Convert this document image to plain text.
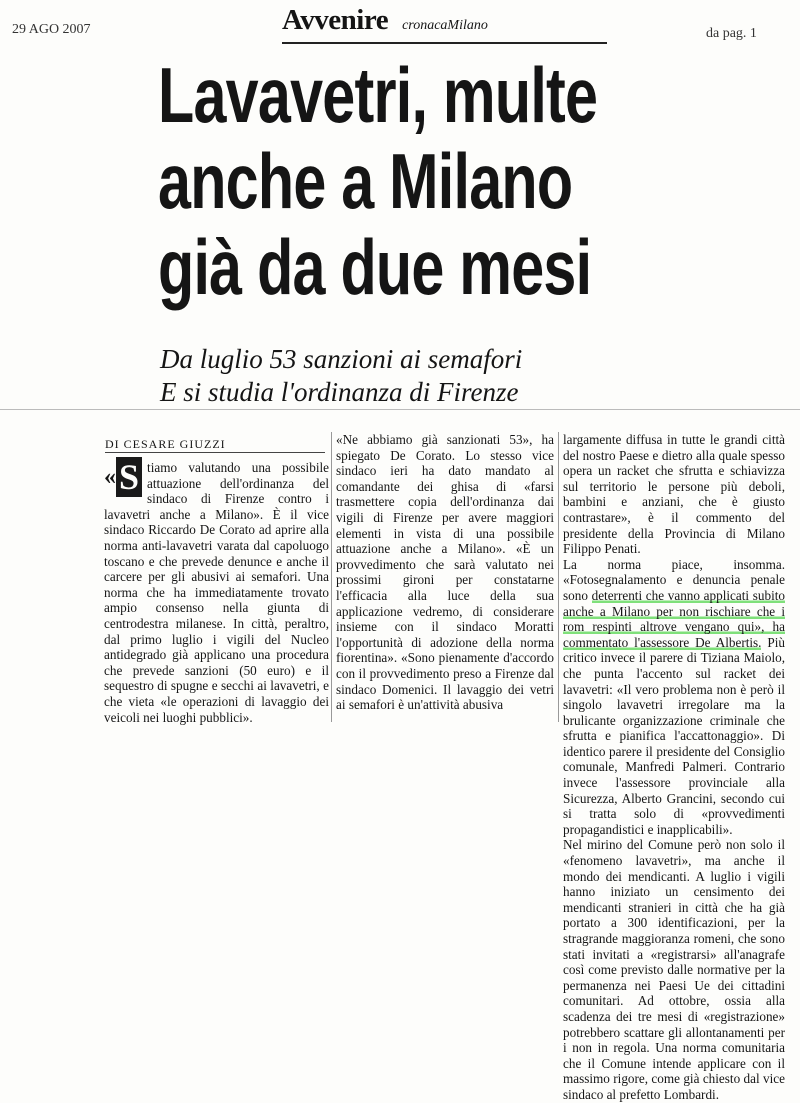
29 AGO 2007	da pag. 1
Avvenire cronacaMilano
Lavavetri, multe
anche a Milano
già da due mesi
Da luglio 53 sanzioni ai semafori
E si studia l'ordinanza di Firenze
DI CESARE GIUZZI
«S tiamo valutando una possibile attuazione dell'ordinanza del sindaco di Firenze contro i lavavetri anche a Milano». È il vice sindaco Riccardo De Corato ad aprire alla norma anti-lavavetri varata dal capoluogo toscano e che prevede denunce e anche il carcere per gli abusivi ai semafori. Una norma che ha immediatamente trovato ampio consenso nella giunta di centrodestra milanese. In città, peraltro, dal primo luglio i vigili del Nucleo antidegrado già applicano una procedura che prevede sanzioni (50 euro) e il sequestro di spugne e secchi ai lavavetri, e che vieta «le operazioni di lavaggio dei veicoli nei luoghi pubblici».

«Ne abbiamo già sanzionati 53», ha spiegato De Corato. Lo stesso vice sindaco ieri ha dato mandato al comandante dei ghisa di «farsi trasmettere copia dell'ordinanza dai vigili di Firenze per avere maggiori elementi in vista di una possibile attuazione anche a Milano». «È un provvedimento che sarà valutato nei prossimi gironi per constatarne l'efficacia alla luce della sua applicazione vedremo, di considerare insieme con il sindaco Moratti l'opportunità di adozione della norma fiorentina». «Sono pienamente d'accordo con il provvedimento preso a Firenze dal sindaco Domenici. Il lavaggio dei vetri ai semafori è un'attività abusiva

largamente diffusa in tutte le grandi città del nostro Paese e dietro alla quale spesso opera un racket che sfrutta e schiavizza sul territorio le persone più deboli, bambini e anziani, che è giusto contrastare», è il commento del presidente della Provincia di Milano Filippo Penati.

La norma piace, insomma. «Fotosegnalamento e denuncia penale sono deterrenti che vanno applicati subito anche a Milano per non rischiare che i rom respinti altrove vengano qui», ha commentato l'assessore De Albertis. Più critico invece il parere di Tiziana Maiolo, che punta l'accento sul racket dei lavavetri: «Il vero problema non è però il singolo lavavetri irregolare ma la brulicante organizzazione criminale che sfrutta e pianifica l'accattonaggio». Di identico parere il presidente del Consiglio comunale, Manfredi Palmeri. Contrario invece l'assessore provinciale alla Sicurezza, Alberto Grancini, secondo cui si tratta solo di «provvedimenti propagandistici e inapplicabili».

Nel mirino del Comune però non solo il «fenomeno lavavetri», ma anche il mondo dei mendicanti. A luglio i vigili hanno iniziato un censimento dei mendicanti stranieri in città che ha già portato a 300 identificazioni, per la stragrande maggioranza romeni, che sono stati invitati a «registrarsi» all'anagrafe così come previsto dalle normative per la permanenza nei Paesi Ue dei cittadini comunitari. Ad ottobre, ossia alla scadenza dei tre mesi di «registrazione» potrebbero scattare gli allontanamenti per i non in regola. Una norma comunitaria che il Comune intende applicare con il massimo rigore, come già chiesto dal vice sindaco al prefetto Lombardi.
